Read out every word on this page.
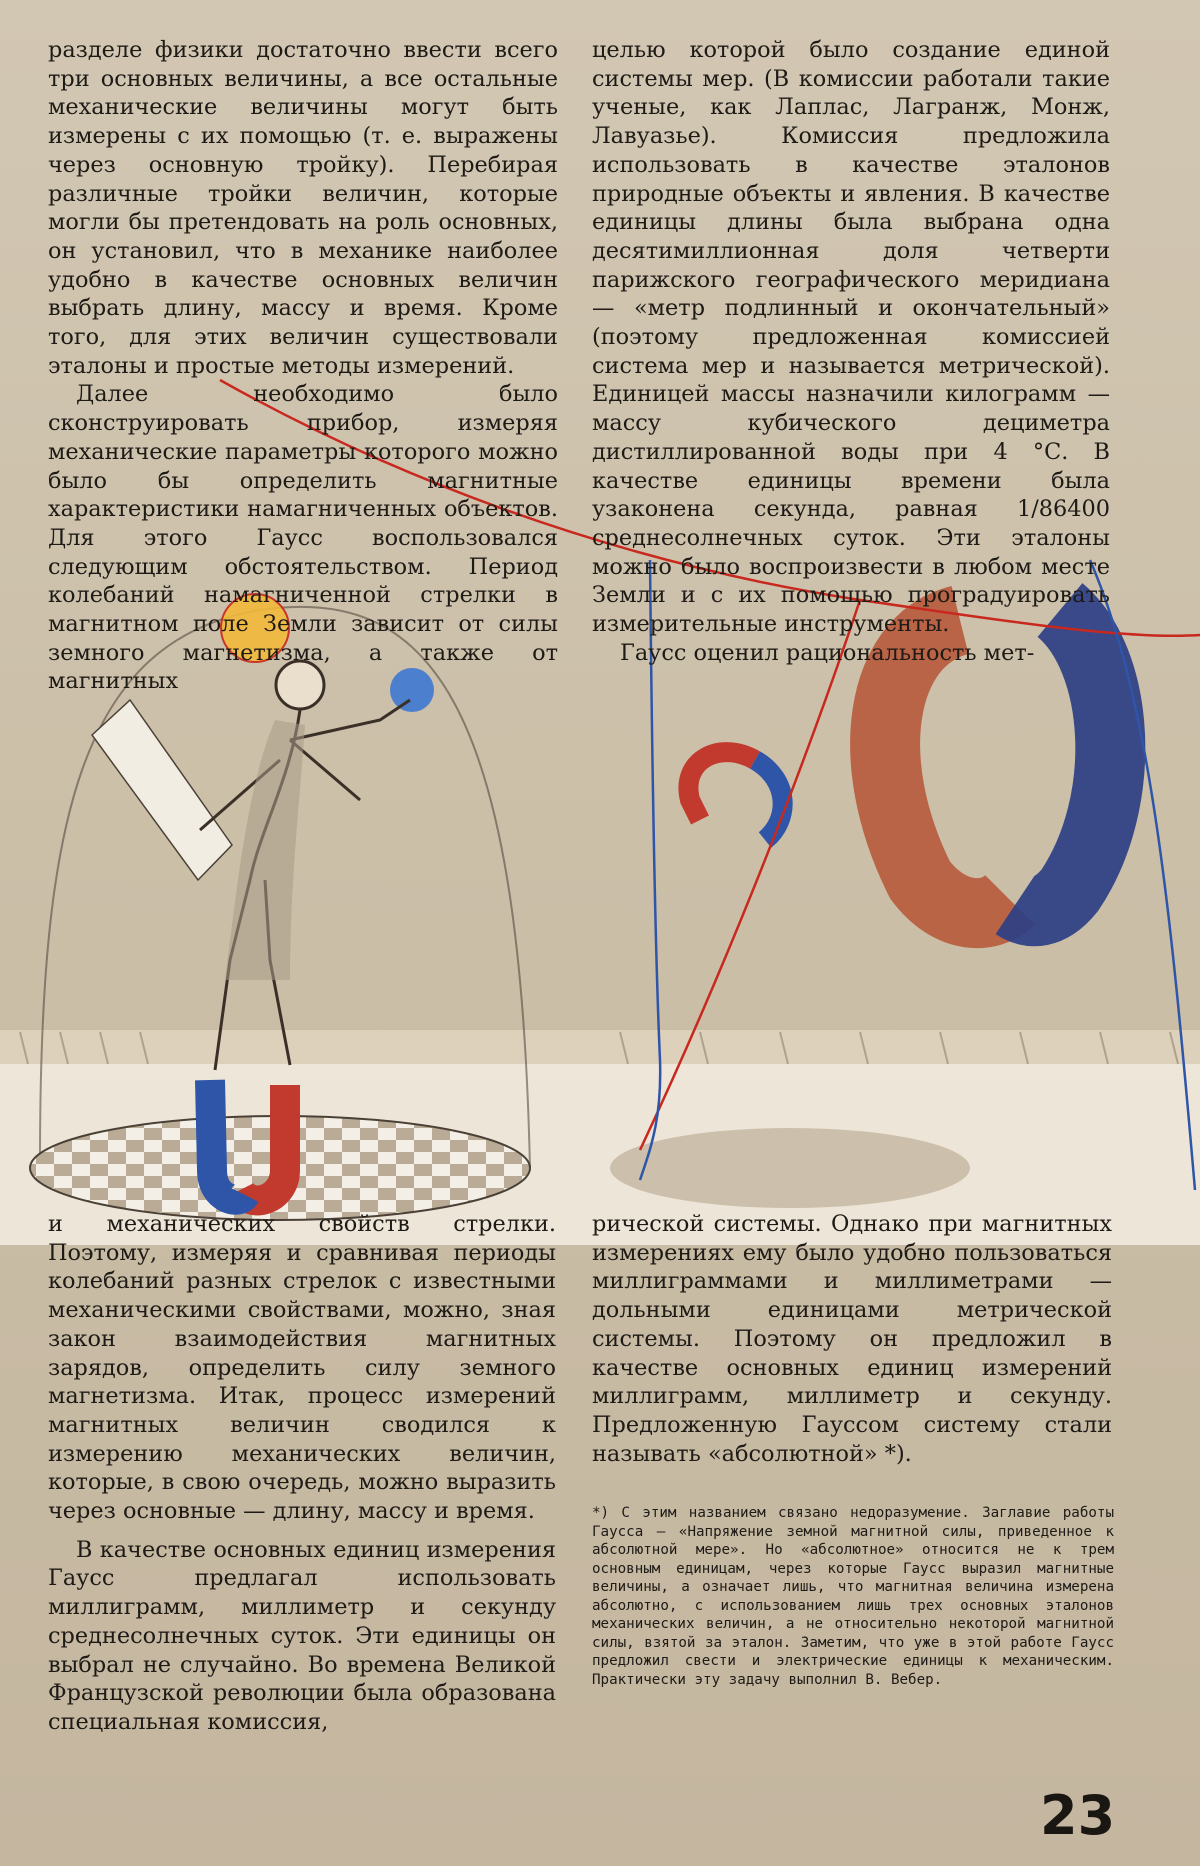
разделе физики достаточно ввести всего три основных величины, а все остальные механические величины могут быть измерены с их помощью (т. е. выражены через основную тройку). Перебирая различные тройки величин, которые могли бы претендовать на роль основных, он установил, что в механике наиболее удобно в качестве основных величин выбрать длину, массу и время. Кроме того, для этих величин существовали эталоны и простые методы измерений.

Далее необходимо было сконструировать прибор, измеряя механические параметры которого можно было бы определить магнитные характеристики намагниченных объектов. Для этого Гаусс воспользовался следующим обстоятельством. Период колебаний намагниченной стрелки в магнитном поле Земли зависит от силы земного магнетизма, а также от магнитных

целью которой было создание единой системы мер. (В комиссии работали такие ученые, как Лаплас, Лагранж, Монж, Лавуазье). Комиссия предложила использовать в качестве эталонов природные объекты и явления. В качестве единицы длины была выбрана одна десятимиллионная доля четверти парижского географического меридиана — «метр подлинный и окончательный» (поэтому предложенная комиссией система мер и называется метрической). Единицей массы назначили килограмм — массу кубического дециметра дистиллированной воды при 4 °С. В качестве единицы времени была узаконена секунда, равная 1/86400 среднесолнечных суток. Эти эталоны можно было воспроизвести в любом месте Земли и с их помощью проградуировать измерительные инструменты.

Гаусс оценил рациональность мет-

и механических свойств стрелки. Поэтому, измеряя и сравнивая периоды колебаний разных стрелок с известными механическими свойствами, можно, зная закон взаимодействия магнитных зарядов, определить силу земного магнетизма. Итак, процесс измерений магнитных величин сводился к измерению механических величин, которые, в свою очередь, можно выразить через основные — длину, массу и время.

В качестве основных единиц измерения Гаусс предлагал использовать миллиграмм, миллиметр и секунду среднесолнечных суток. Эти единицы он выбрал не случайно. Во времена Великой Французской революции была образована специальная комиссия,

рической системы. Однако при магнитных измерениях ему было удобно пользоваться миллиграммами и миллиметрами — дольными единицами метрической системы. Поэтому он предложил в качестве основных единиц измерений миллиграмм, миллиметр и секунду. Предложенную Гауссом систему стали называть «абсолютной» *).

*) С этим названием связано недоразумение. Заглавие работы Гаусса — «Напряжение земной магнитной силы, приведенное к абсолютной мере». Но «абсолютное» относится не к трем основным единицам, через которые Гаусс выразил магнитные величины, а означает лишь, что магнитная величина измерена абсолютно, с использованием лишь трех основных эталонов механических величин, а не относительно некоторой магнитной силы, взятой за эталон. Заметим, что уже в этой работе Гаусс предложил свести и электрические единицы к механическим. Практически эту задачу выполнил В. Вебер.
23
